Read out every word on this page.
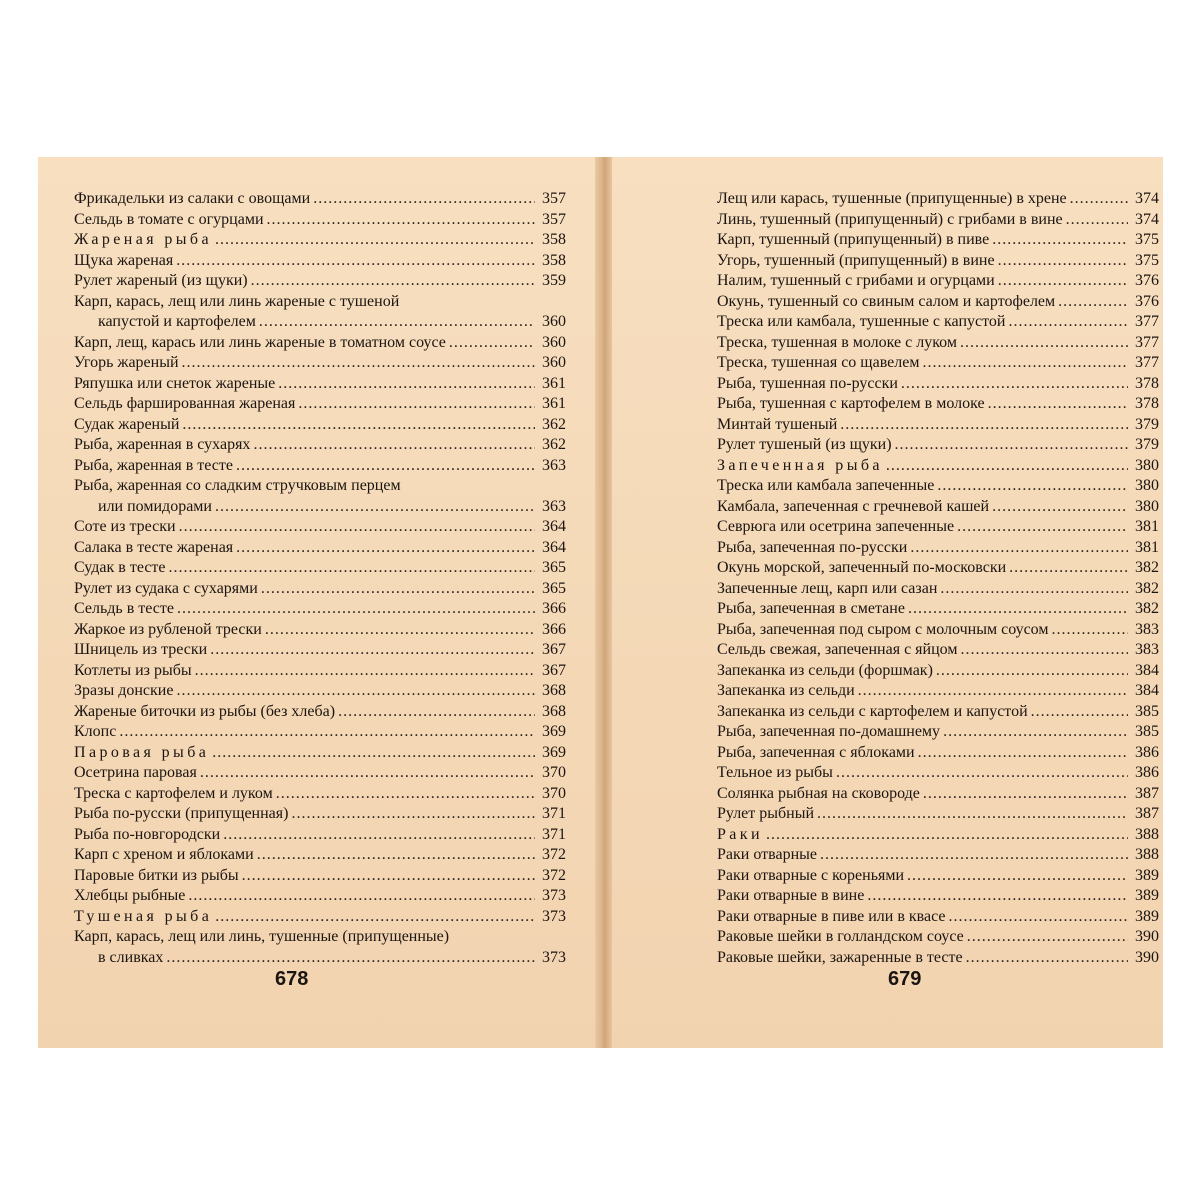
Фрикадельки из салаки с овощами .....	357
Сельдь в томате с огурцами .....	357
Жареная рыба .....	358
Щука жареная .....	358
Рулет жареный (из щуки) .....	359
Карп, карась, лещ или линь жареные с тушеной
капустой и картофелем .....	360
Карп, лещ, карась или линь жареные в томатном соусе .....	360
Угорь жареный .....	360
Ряпушка или снеток жареные .....	361
Сельдь фаршированная жареная .....	361
Судак жареный .....	362
Рыба, жаренная в сухарях .....	362
Рыба, жаренная в тесте .....	363
Рыба, жаренная со сладким стручковым перцем
или помидорами .....	363
Соте из трески .....	364
Салака в тесте жареная .....	364
Судак в тесте .....	365
Рулет из судака с сухарями .....	365
Сельдь в тесте .....	366
Жаркое из рубленой трески .....	366
Шницель из трески .....	367
Котлеты из рыбы .....	367
Зразы донские .....	368
Жареные биточки из рыбы (без хлеба) .....	368
Клопс .....	369
Паровая рыба .....	369
Осетрина паровая .....	370
Треска с картофелем и луком .....	370
Рыба по-русски (припущенная) .....	371
Рыба по-новгородски .....	371
Карп с хреном и яблоками .....	372
Паровые битки из рыбы .....	372
Хлебцы рыбные .....	373
Тушеная рыба .....	373
Карп, карась, лещ или линь, тушенные (припущенные)
в сливках .....	373
678
Лещ или карась, тушенные (припущенные) в хрене .....	374
Линь, тушенный (припущенный) с грибами в вине .....	374
Карп, тушенный (припущенный) в пиве .....	375
Угорь, тушенный (припущенный) в вине .....	375
Налим, тушенный с грибами и огурцами .....	376
Окунь, тушенный со свиным салом и картофелем .....	376
Треска или камбала, тушенные с капустой .....	377
Треска, тушенная в молоке с луком .....	377
Треска, тушенная со щавелем .....	377
Рыба, тушенная по-русски .....	378
Рыба, тушенная с картофелем в молоке .....	378
Минтай тушеный .....	379
Рулет тушеный (из щуки) .....	379
Запеченная рыба .....	380
Треска или камбала запеченные .....	380
Камбала, запеченная с гречневой кашей .....	380
Севрюга или осетрина запеченные .....	381
Рыба, запеченная по-русски .....	381
Окунь морской, запеченный по-московски .....	382
Запеченные лещ, карп или сазан .....	382
Рыба, запеченная в сметане .....	382
Рыба, запеченная под сыром с молочным соусом .....	383
Сельдь свежая, запеченная с яйцом .....	383
Запеканка из сельди (форшмак) .....	384
Запеканка из сельди .....	384
Запеканка из сельди с картофелем и капустой .....	385
Рыба, запеченная по-домашнему .....	385
Рыба, запеченная с яблоками .....	386
Тельное из рыбы .....	386
Солянка рыбная на сковороде .....	387
Рулет рыбный .....	387
Раки .....	388
Раки отварные .....	388
Раки отварные с кореньями .....	389
Раки отварные в вине .....	389
Раки отварные в пиве или в квасе .....	389
Раковые шейки в голландском соусе .....	390
Раковые шейки, зажаренные в тесте .....	390
679
